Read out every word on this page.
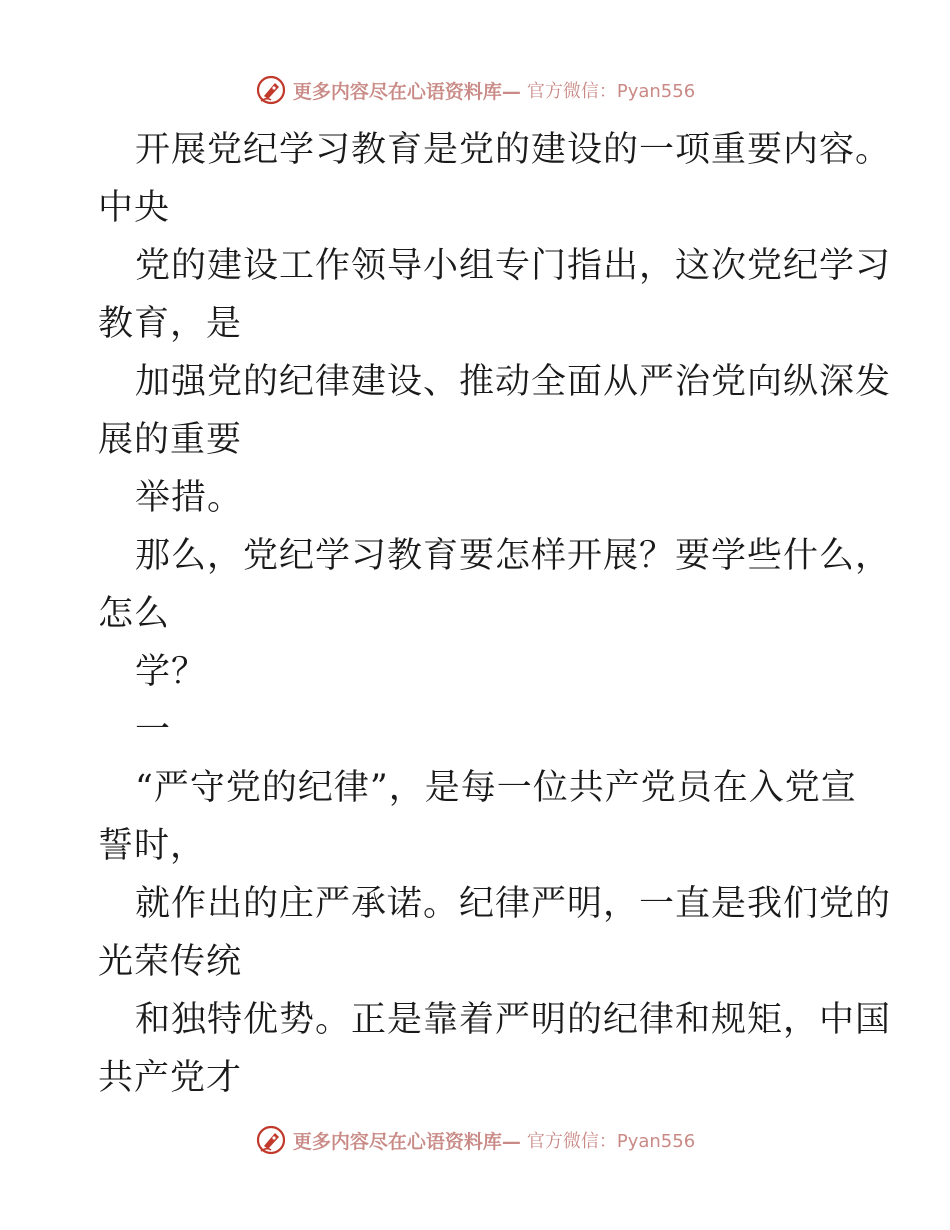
更多内容尽在心语资料库— 官方微信：Pyan556
开展党纪学习教育是党的建设的一项重要内容。
中央
党的建设工作领导小组专门指出，这次党纪学习
教育，是
加强党的纪律建设、推动全面从严治党向纵深发
展的重要
举措。
那么，党纪学习教育要怎样开展？要学些什么，
怎么
学？
一
“严守党的纪律”，是每一位共产党员在入党宣
誓时，
就作出的庄严承诺。纪律严明，一直是我们党的
光荣传统
和独特优势。正是靠着严明的纪律和规矩，中国
共产党才
更多内容尽在心语资料库— 官方微信：Pyan556
